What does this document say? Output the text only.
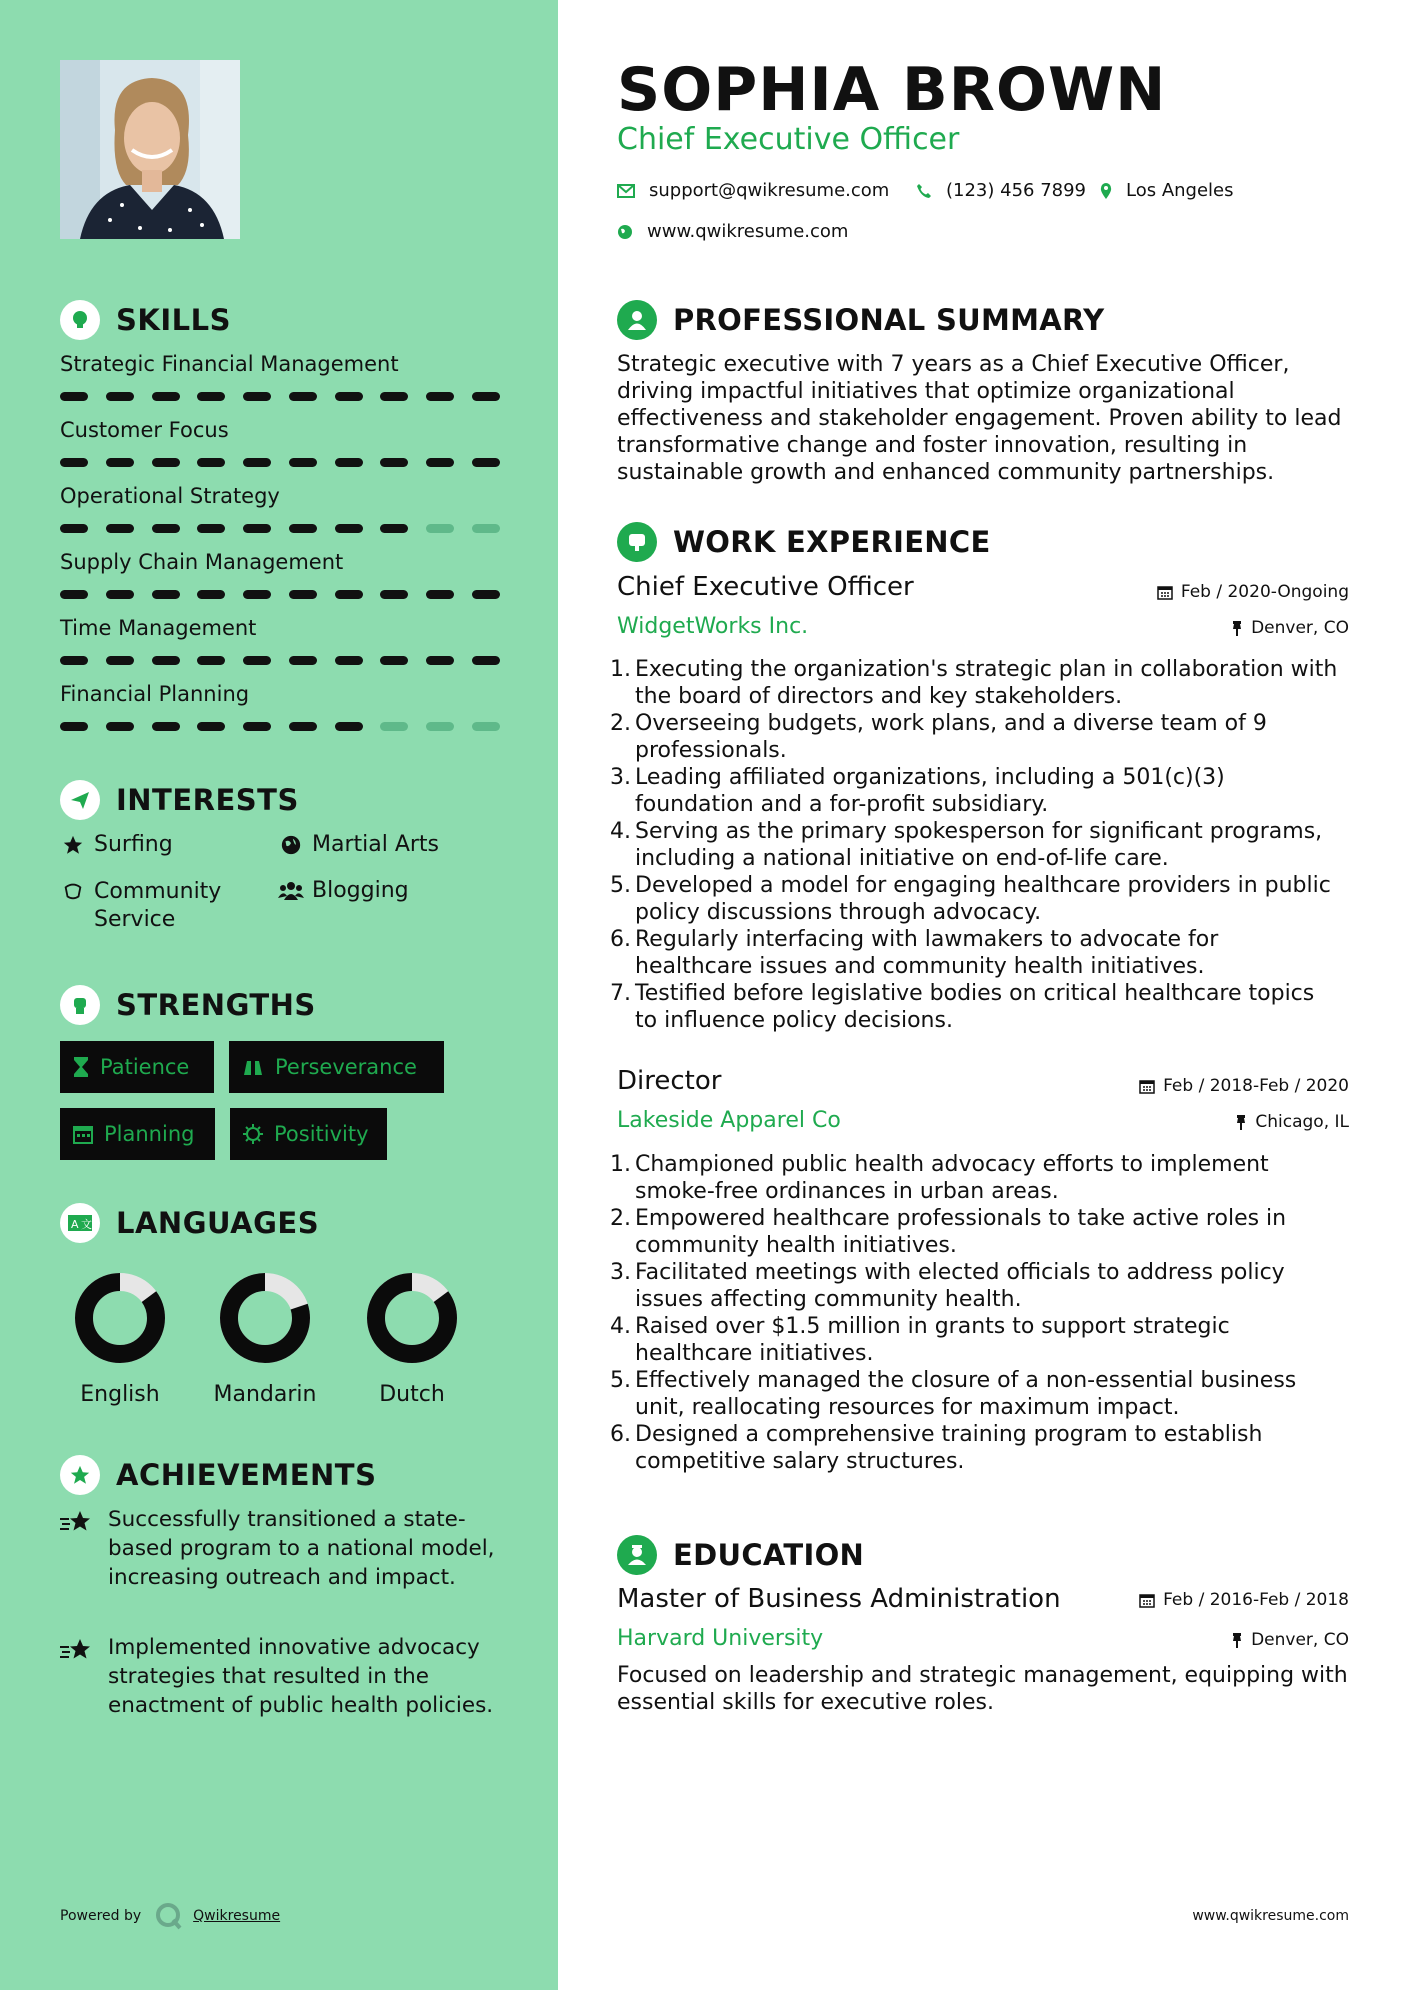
SKILLS
Strategic Financial Management
Customer Focus
Operational Strategy
Supply Chain Management
Time Management
Financial Planning
INTERESTS
Surfing	Martial Arts
Community
Service
Blogging
STRENGTHS
Patience	Perseverance
Planning	Positivity
A 文 LANGUAGES
English	Mandarin	Dutch
ACHIEVEMENTS
Successfully transitioned a state-based program to a national model, increasing outreach and impact.
Implemented innovative advocacy strategies that resulted in the enactment of public health policies.
Powered by	Qwikresume
SOPHIA BROWN
Chief Executive Officer
support@qwikresume.com	(123) 456 7899 Los Angeles
www.qwikresume.com
PROFESSIONAL SUMMARY
Strategic executive with 7 years as a Chief Executive Officer, driving impactful initiatives that optimize organizational effectiveness and stakeholder engagement. Proven ability to lead transformative change and foster innovation, resulting in sustainable growth and enhanced community partnerships.
WORK EXPERIENCE
Chief Executive Officer	Feb / 2020-Ongoing
WidgetWorks Inc.	Denver, CO
1. Executing the organization's strategic plan in collaboration with
the board of directors and key stakeholders.
2. Overseeing budgets, work plans, and a diverse team of 9
professionals.
3. Leading affiliated organizations, including a 501(c)(3)
foundation and a for-profit subsidiary.
4. Serving as the primary spokesperson for significant programs,
including a national initiative on end-of-life care.
5. Developed a model for engaging healthcare providers in public
policy discussions through advocacy.
6. Regularly interfacing with lawmakers to advocate for
healthcare issues and community health initiatives.
7. Testified before legislative bodies on critical healthcare topics
to influence policy decisions.
Director	Feb / 2018-Feb / 2020
Lakeside Apparel Co	Chicago, IL
1. Championed public health advocacy efforts to implement
smoke-free ordinances in urban areas.
2. Empowered healthcare professionals to take active roles in
community health initiatives.
3. Facilitated meetings with elected officials to address policy
issues affecting community health.
4. Raised over $1.5 million in grants to support strategic
healthcare initiatives.
5. Effectively managed the closure of a non-essential business
unit, reallocating resources for maximum impact.
6. Designed a comprehensive training program to establish
competitive salary structures.
EDUCATION
Master of Business Administration	Feb / 2016-Feb / 2018
Harvard University	Denver, CO
Focused on leadership and strategic management, equipping with essential skills for executive roles.
www.qwikresume.com
